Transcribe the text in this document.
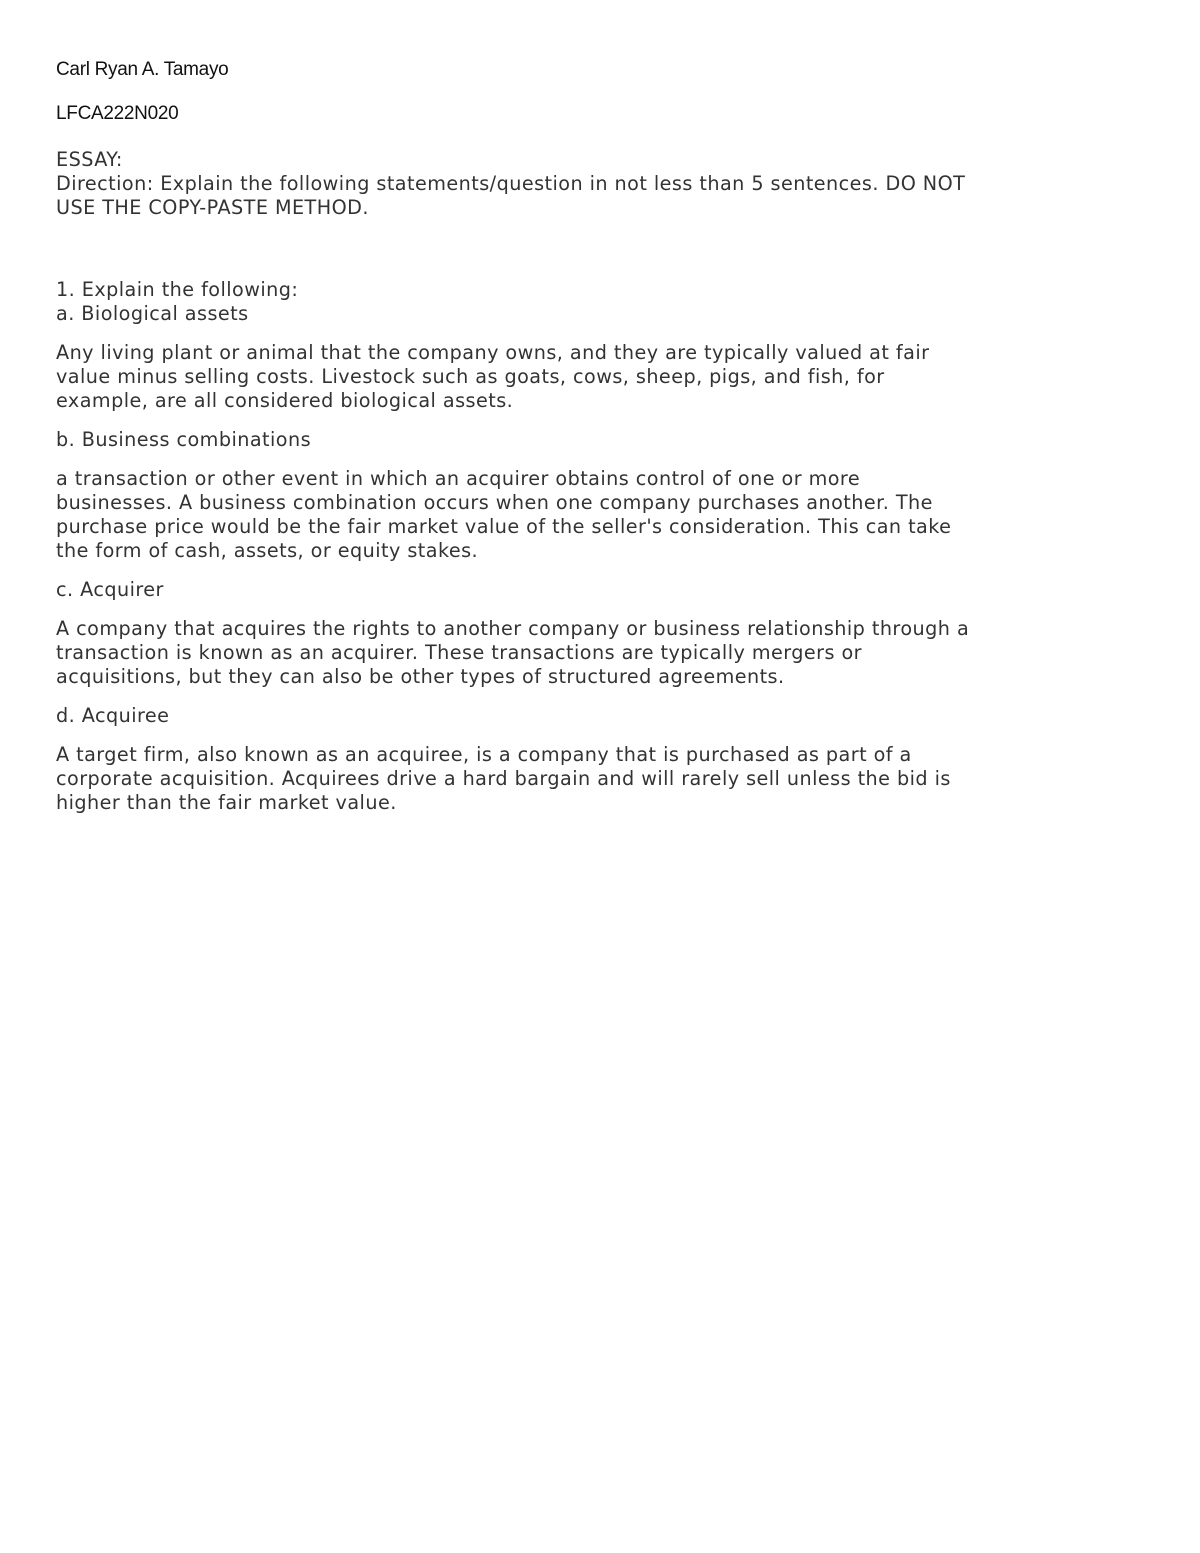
Carl Ryan A. Tamayo

LFCA222N020

ESSAY:

Direction: Explain the following statements/question in not less than 5 sentences. DO NOT
USE THE COPY-PASTE METHOD.

1. Explain the following:

a. Biological assets

Any living plant or animal that the company owns, and they are typically valued at fair
value minus selling costs. Livestock such as goats, cows, sheep, pigs, and fish, for
example, are all considered biological assets.

b. Business combinations

a transaction or other event in which an acquirer obtains control of one or more
businesses. A business combination occurs when one company purchases another. The
purchase price would be the fair market value of the seller's consideration. This can take
the form of cash, assets, or equity stakes.

c. Acquirer

A company that acquires the rights to another company or business relationship through a
transaction is known as an acquirer. These transactions are typically mergers or
acquisitions, but they can also be other types of structured agreements.

d. Acquiree

A target firm, also known as an acquiree, is a company that is purchased as part of a
corporate acquisition. Acquirees drive a hard bargain and will rarely sell unless the bid is
higher than the fair market value.
